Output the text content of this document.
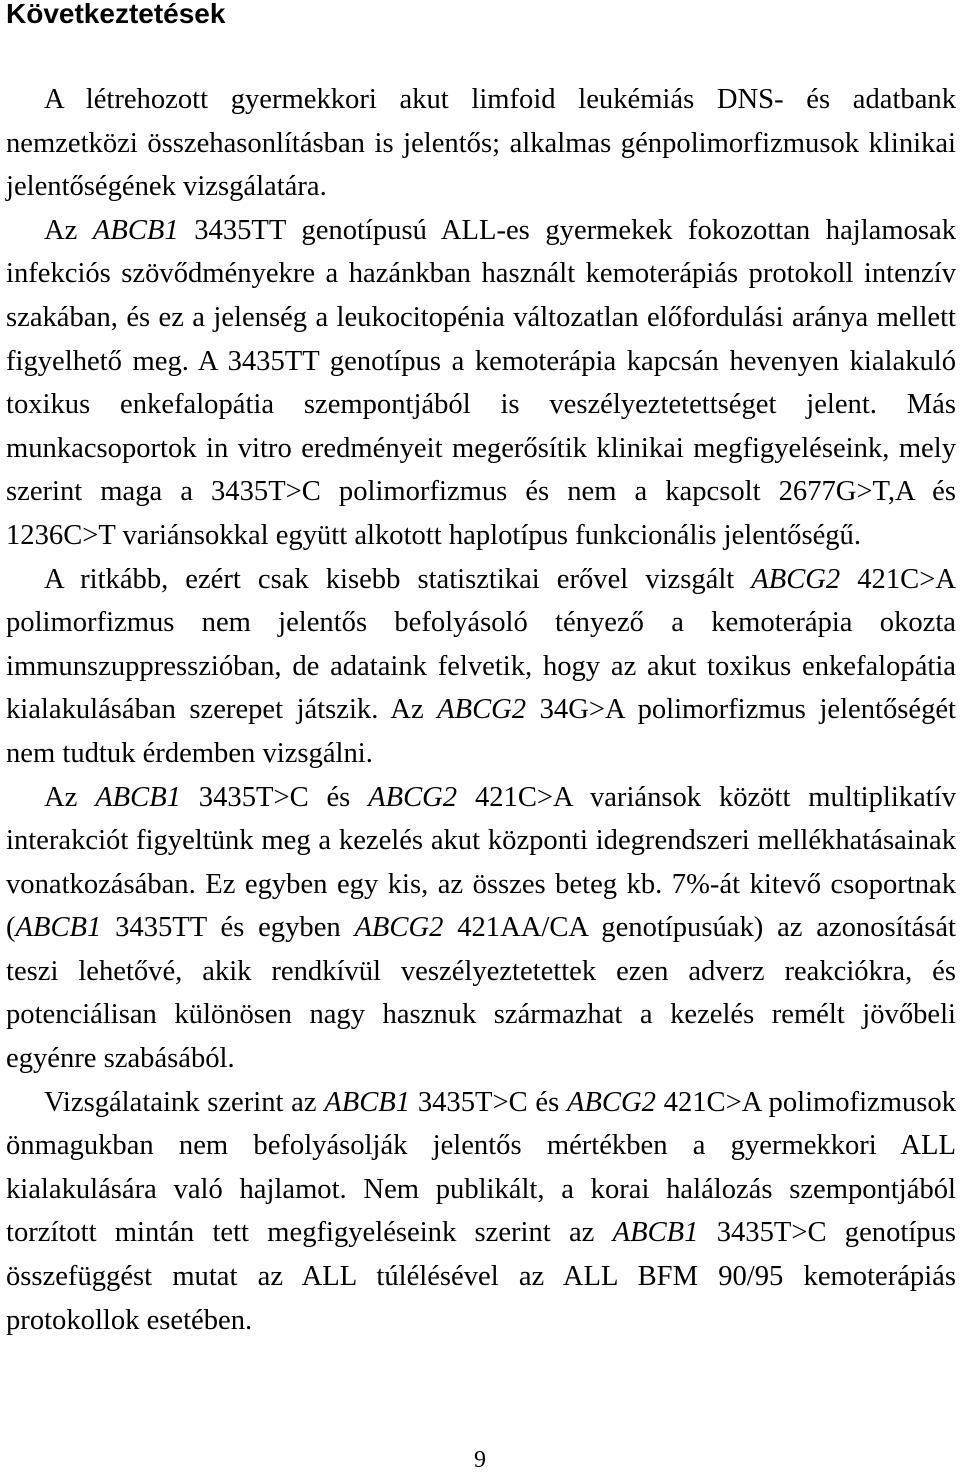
Következtetések

A létrehozott gyermekkori akut limfoid leukémiás DNS- és adatbank nemzetközi összehasonlításban is jelentős; alkalmas génpolimorfizmusok klinikai jelentőségének vizsgálatára.

Az ABCB1 3435TT genotípusú ALL-es gyermekek fokozottan hajlamosak infekciós szövődményekre a hazánkban használt kemoterápiás protokoll intenzív szakában, és ez a jelenség a leukocitopénia változatlan előfordulási aránya mellett figyelhető meg. A 3435TT genotípus a kemoterápia kapcsán hevenyen kialakuló toxikus enkefalopátia szempontjából is veszélyeztetettséget jelent. Más munkacsoportok in vitro eredményeit megerősítik klinikai megfigyeléseink, mely szerint maga a 3435T>C polimorfizmus és nem a kapcsolt 2677G>T,A és 1236C>T variánsokkal együtt alkotott haplotípus funkcionális jelentőségű.

A ritkább, ezért csak kisebb statisztikai erővel vizsgált ABCG2 421C>A polimorfizmus nem jelentős befolyásoló tényező a kemoterápia okozta immunszuppresszióban, de adataink felvetik, hogy az akut toxikus enkefalopátia kialakulásában szerepet játszik. Az ABCG2 34G>A polimorfizmus jelentőségét nem tudtuk érdemben vizsgálni.

Az ABCB1 3435T>C és ABCG2 421C>A variánsok között multiplikatív interakciót figyeltünk meg a kezelés akut központi idegrendszeri mellékhatásainak vonatkozásában. Ez egyben egy kis, az összes beteg kb. 7%-át kitevő csoportnak (ABCB1 3435TT és egyben ABCG2 421AA/CA genotípusúak) az azonosítását teszi lehetővé, akik rendkívül veszélyeztetettek ezen adverz reakciókra, és potenciálisan különösen nagy hasznuk származhat a kezelés remélt jövőbeli egyénre szabásából.

Vizsgálataink szerint az ABCB1 3435T>C és ABCG2 421C>A polimofizmusok önmagukban nem befolyásolják jelentős mértékben a gyermekkori ALL kialakulására való hajlamot. Nem publikált, a korai halálozás szempontjából torzított mintán tett megfigyeléseink szerint az ABCB1 3435T>C genotípus összefüggést mutat az ALL túlélésével az ALL BFM 90/95 kemoterápiás protokollok esetében.

9
